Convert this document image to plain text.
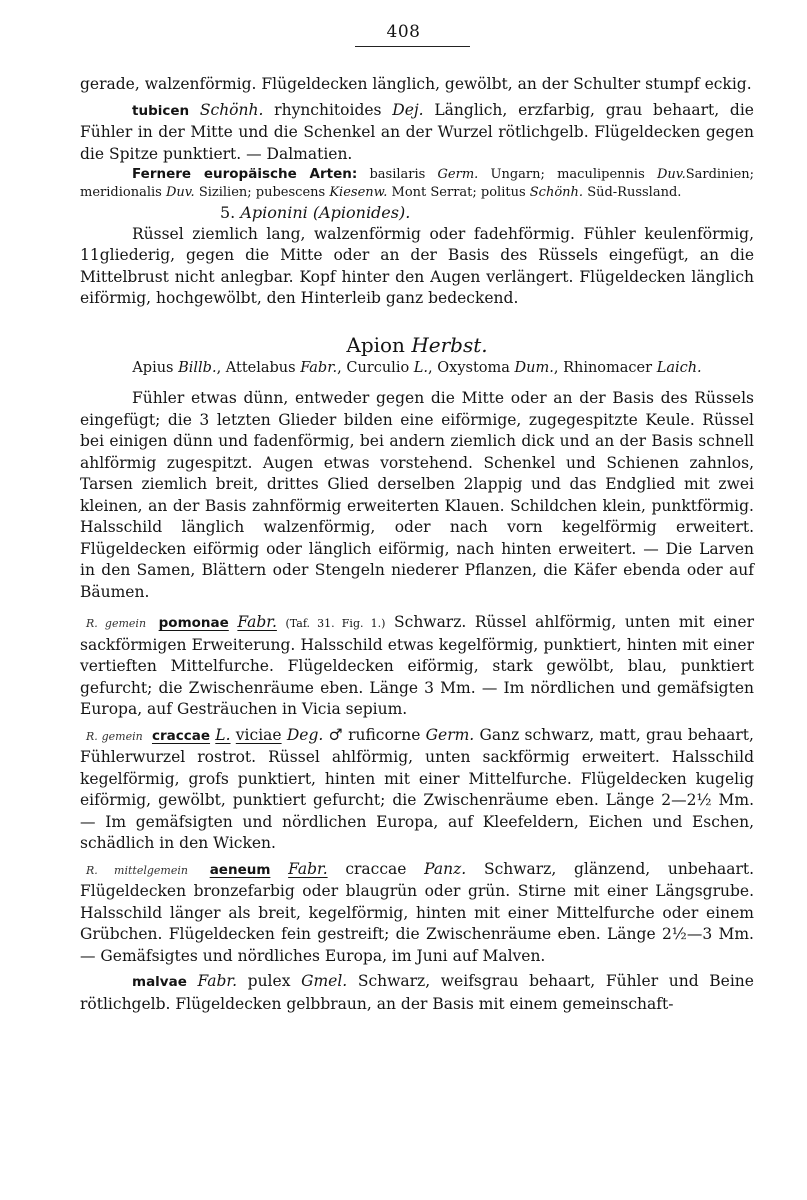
408

gerade, walzenförmig. Flügeldecken länglich, gewölbt, an der Schulter stumpf eckig.

tubicen Schönh. rhynchitoides Dej. Länglich, erzfarbig, grau behaart, die Fühler in der Mitte und die Schenkel an der Wurzel rötlichgelb. Flügeldecken gegen die Spitze punktiert. — Dalmatien.

Fernere europäische Arten: basilaris Germ. Ungarn; maculipennis Duv.Sardinien; meridionalis Duv. Sizilien; pubescens Kiesenw. Mont Serrat; politus Schönh. Süd-Russland.

5. Apionini (Apionides).

Rüssel ziemlich lang, walzenförmig oder fadehförmig. Fühler keulenförmig, 11gliederig, gegen die Mitte oder an der Basis des Rüssels eingefügt, an die Mittelbrust nicht anlegbar. Kopf hinter den Augen verlängert. Flügeldecken länglich eiförmig, hochgewölbt, den Hinterleib ganz bedeckend.

Apion Herbst.

Apius Billb., Attelabus Fabr., Curculio L., Oxystoma Dum., Rhinomacer Laich.

Fühler etwas dünn, entweder gegen die Mitte oder an der Basis des Rüssels eingefügt; die 3 letzten Glieder bilden eine eiförmige, zugegespitzte Keule. Rüssel bei einigen dünn und fadenförmig, bei andern ziemlich dick und an der Basis schnell ahlförmig zugespitzt. Augen etwas vorstehend. Schenkel und Schienen zahnlos, Tarsen ziemlich breit, drittes Glied derselben 2lappig und das Endglied mit zwei kleinen, an der Basis zahnförmig erweiterten Klauen. Schildchen klein, punktförmig. Halsschild länglich walzenförmig, oder nach vorn kegelförmig erweitert. Flügeldecken eiförmig oder länglich eiförmig, nach hinten erweitert. — Die Larven in den Samen, Blättern oder Stengeln niederer Pflanzen, die Käfer ebenda oder auf Bäumen.

R. gemein pomonae Fabr. (Taf. 31. Fig. 1.) Schwarz. Rüssel ahlförmig, unten mit einer sackförmigen Erweiterung. Halsschild etwas kegelförmig, punktiert, hinten mit einer vertieften Mittelfurche. Flügeldecken eiförmig, stark gewölbt, blau, punktiert gefurcht; die Zwischenräume eben. Länge 3 Mm. — Im nördlichen und gemäfsigten Europa, auf Gesträuchen in Vicia sepium.

R. gemein craccae L. viciae Deg. ♂ ruficorne Germ. Ganz schwarz, matt, grau behaart, Fühlerwurzel rostrot. Rüssel ahlförmig, unten sackförmig erweitert. Halsschild kegelförmig, grofs punktiert, hinten mit einer Mittelfurche. Flügeldecken kugelig eiförmig, gewölbt, punktiert gefurcht; die Zwischenräume eben. Länge 2—2½ Mm. — Im gemäfsigten und nördlichen Europa, auf Kleefeldern, Eichen und Eschen, schädlich in den Wicken.

R. mittelgemein aeneum Fabr. craccae Panz. Schwarz, glänzend, unbehaart. Flügeldecken bronzefarbig oder blaugrün oder grün. Stirne mit einer Längsgrube. Halsschild länger als breit, kegelförmig, hinten mit einer Mittelfurche oder einem Grübchen. Flügeldecken fein gestreift; die Zwischenräume eben. Länge 2½—3 Mm. — Gemäfsigtes und nördliches Europa, im Juni auf Malven.

malvae Fabr. pulex Gmel. Schwarz, weifsgrau behaart, Fühler und Beine rötlichgelb. Flügeldecken gelbbraun, an der Basis mit einem gemeinschaft-
